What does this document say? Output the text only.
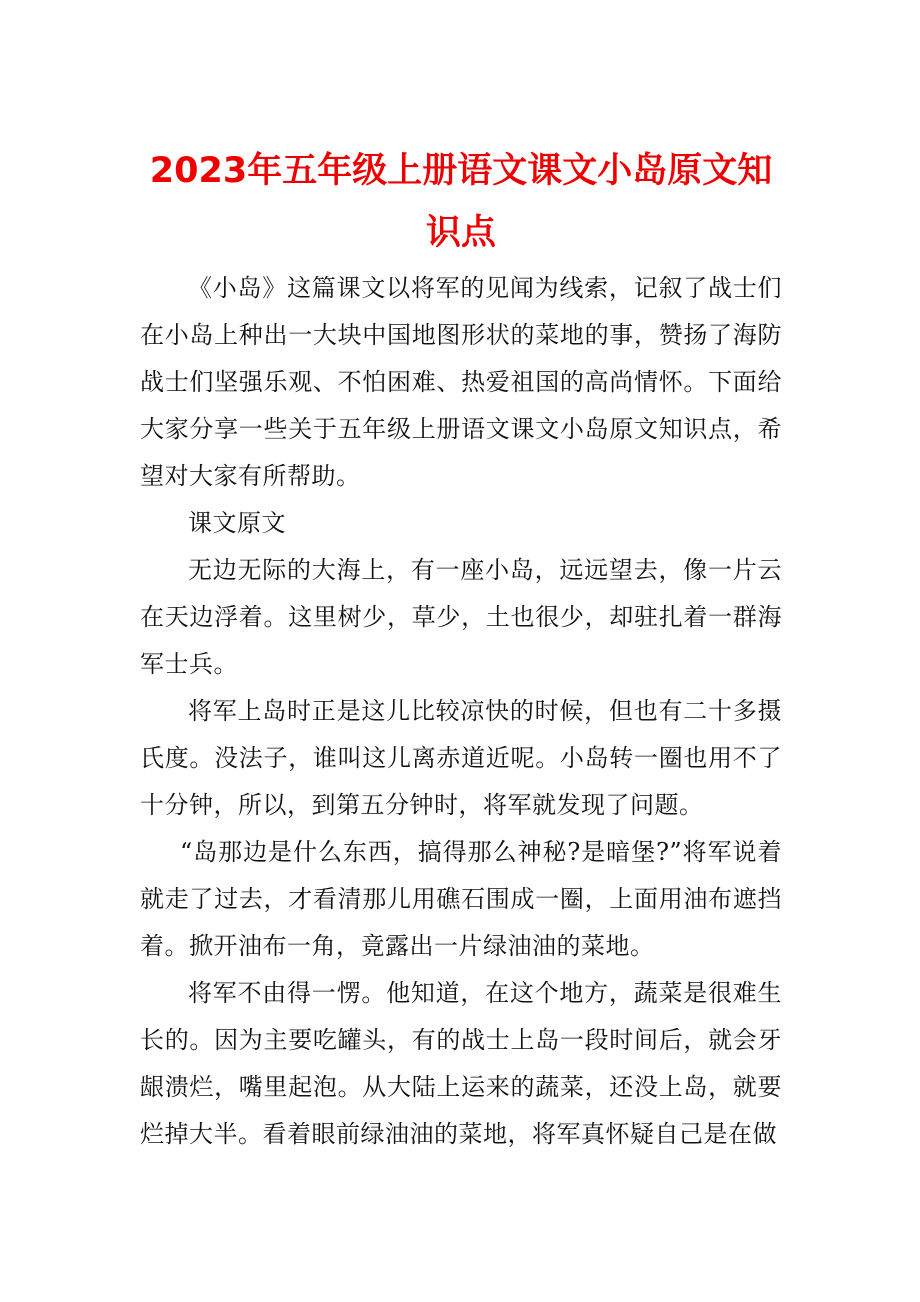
2023年五年级上册语文课文小岛原文知识点

《小岛》这篇课文以将军的见闻为线索，记叙了战士们在小岛上种出一大块中国地图形状的菜地的事，赞扬了海防战士们坚强乐观、不怕困难、热爱祖国的高尚情怀。下面给大家分享一些关于五年级上册语文课文小岛原文知识点，希望对大家有所帮助。

课文原文

无边无际的大海上，有一座小岛，远远望去，像一片云在天边浮着。这里树少，草少，土也很少，却驻扎着一群海军士兵。

将军上岛时正是这儿比较凉快的时候，但也有二十多摄氏度。没法子，谁叫这儿离赤道近呢。小岛转一圈也用不了十分钟，所以，到第五分钟时，将军就发现了问题。

“岛那边是什么东西，搞得那么神秘?是暗堡?”将军说着就走了过去，才看清那儿用礁石围成一圈，上面用油布遮挡着。掀开油布一角，竟露出一片绿油油的菜地。

将军不由得一愣。他知道，在这个地方，蔬菜是很难生长的。因为主要吃罐头，有的战士上岛一段时间后，就会牙龈溃烂，嘴里起泡。从大陆上运来的蔬菜，还没上岛，就要烂掉大半。看着眼前绿油油的菜地，将军真怀疑自己是在做
